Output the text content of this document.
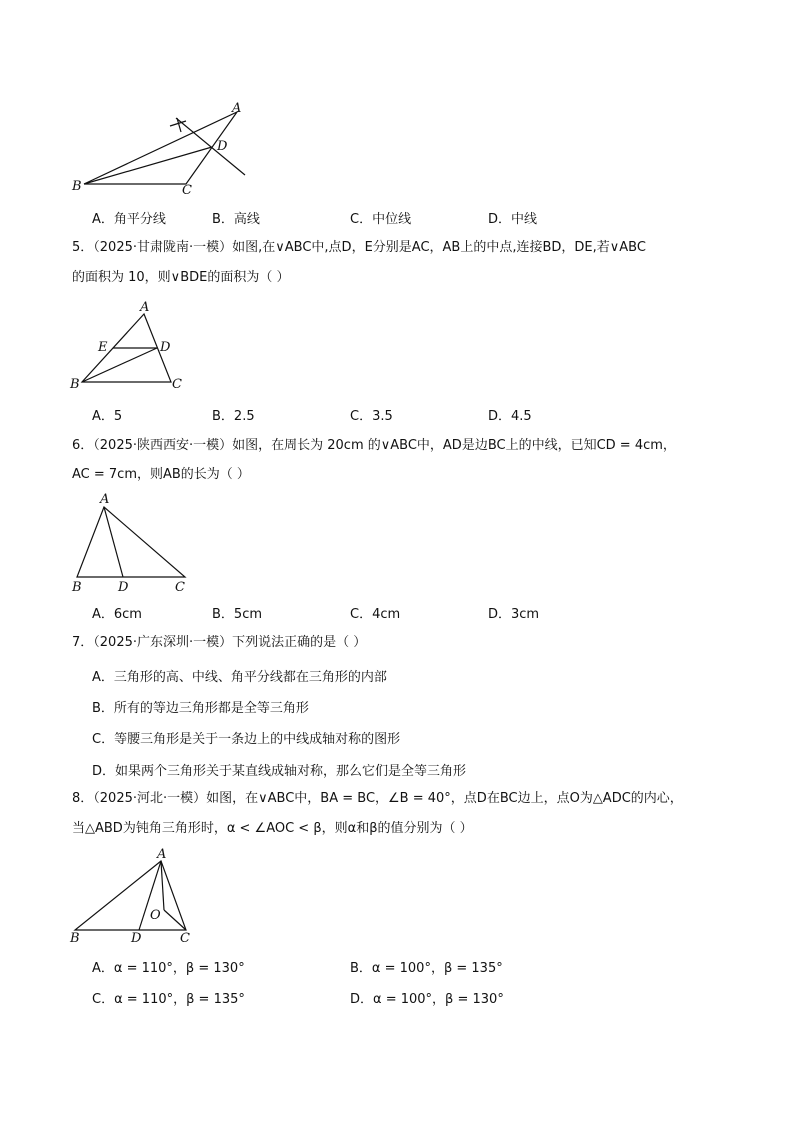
A
B	C
D
A．角平分线	B．高线	C．中位线	D．中线
5．（2025·甘肃陇南·一模）如图,在∨ABC中,点D，E分别是AC，AB上的中点,连接BD，DE,若∨ABC
的面积为 10，则∨BDE的面积为（ ）
A
E	D
B	C
A．5	B．2.5	C．3.5	D．4.5
6．（2025·陕西西安·一模）如图，在周长为 20cm 的∨ABC中，AD是边BC上的中线，已知CD = 4cm，
AC = 7cm，则AB的长为（ ）
A
B	D	C
A．6cm	B．5cm	C．4cm	D．3cm
7．（2025·广东深圳·一模）下列说法正确的是（ ）
A．三角形的高、中线、角平分线都在三角形的内部
B．所有的等边三角形都是全等三角形
C．等腰三角形是关于一条边上的中线成轴对称的图形
D．如果两个三角形关于某直线成轴对称，那么它们是全等三角形
8．（2025·河北·一模）如图，在∨ABC中，BA = BC，∠B = 40°，点D在BC边上，点O为△ADC的内心，
当△ABD为钝角三角形时，α < ∠AOC < β，则α和β的值分别为（ ）
A
O
B	D	C
A．α = 110°，β = 130°	B．α = 100°，β = 135°
C．α = 110°，β = 135°	D．α = 100°，β = 130°
